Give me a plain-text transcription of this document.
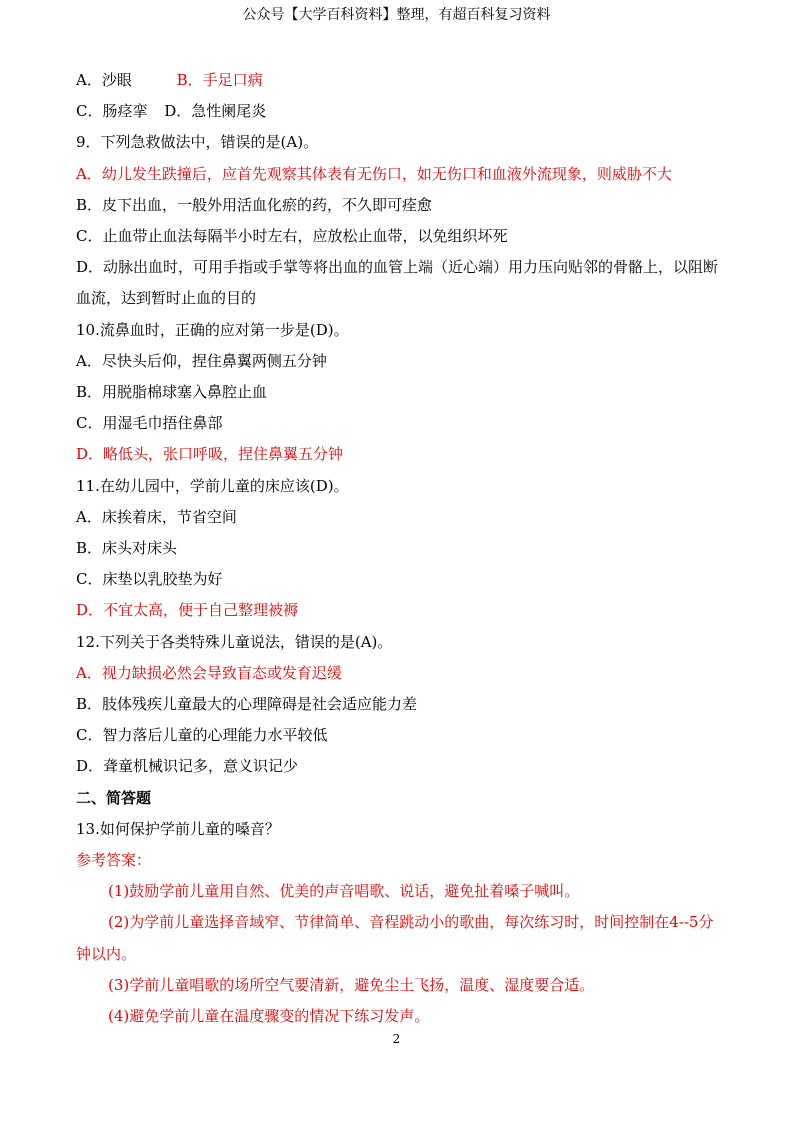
公众号【大学百科资料】整理，有超百科复习资料
A．沙眼	B．手足口病
C．肠痉挛 D．急性阑尾炎
9．下列急救做法中，错误的是(A)。
A．幼儿发生跌撞后，应首先观察其体表有无伤口，如无伤口和血液外流现象，则威胁不大
B．皮下出血，一般外用活血化瘀的药，不久即可痊愈
C．止血带止血法每隔半小时左右，应放松止血带，以免组织坏死
D．动脉出血时，可用手指或手掌等将出血的血管上端（近心端）用力压向贴邻的骨骼上，以阻断血流，达到暂时止血的目的
10.流鼻血时，正确的应对第一步是(D)。
A．尽快头后仰，捏住鼻翼两侧五分钟
B．用脱脂棉球塞入鼻腔止血
C．用湿毛巾捂住鼻部
D．略低头，张口呼吸，捏住鼻翼五分钟
11.在幼儿园中，学前儿童的床应该(D)。
A．床挨着床，节省空间
B．床头对床头
C．床垫以乳胶垫为好
D．不宜太高，便于自己整理被褥
12.下列关于各类特殊儿童说法，错误的是(A)。
A．视力缺损必然会导致盲态或发育迟缓
B．肢体残疾儿童最大的心理障碍是社会适应能力差
C．智力落后儿童的心理能力水平较低
D．聋童机械识记多，意义识记少
二、简答题
13.如何保护学前儿童的嗓音？
参考答案：
(1)鼓励学前儿童用自然、优美的声音唱歌、说话，避免扯着嗓子喊叫。
(2)为学前儿童选择音域窄、节律简单、音程跳动小的歌曲，每次练习时，时间控制在4--5分钟以内。
(3)学前儿童唱歌的场所空气要清新，避免尘土飞扬，温度、湿度要合适。
(4)避免学前儿童在温度骤变的情况下练习发声。
2
